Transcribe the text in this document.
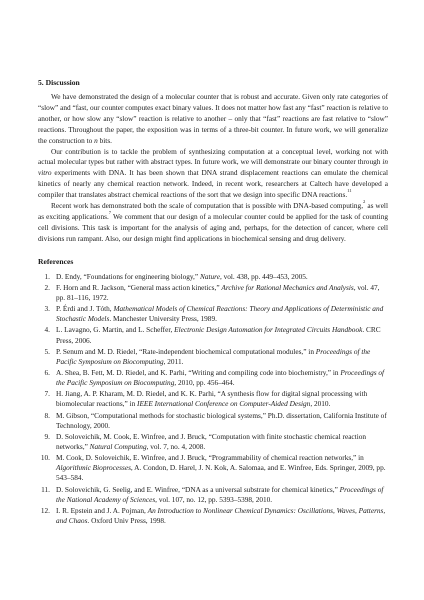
5. Discussion

We have demonstrated the design of a molecular counter that is robust and accurate. Given only rate categories of “slow” and “fast, our counter computes exact binary values. It does not matter how fast any “fast” reaction is relative to another, or how slow any “slow” reaction is relative to another – only that “fast” reactions are fast relative to “slow” reactions. Throughout the paper, the exposition was in terms of a three-bit counter. In future work, we will generalize the construction to n bits.

Our contribution is to tackle the problem of synthesizing computation at a conceptual level, working not with actual molecular types but rather with abstract types. In future work, we will demonstrate our binary counter through in vitro experiments with DNA. It has been shown that DNA strand displacement reactions can emulate the chemical kinetics of nearly any chemical reaction network. Indeed, in recent work, researchers at Caltech have developed a compiler that translates abstract chemical reactions of the sort that we design into specific DNA reactions.$^{11}$

Recent work has demonstrated both the scale of computation that is possible with DNA-based computing,$^2$ as well as exciting applications.$^7$ We comment that our design of a molecular counter could be applied for the task of counting cell divisions. This task is important for the analysis of aging and, perhaps, for the detection of cancer, where cell divisions run rampant. Also, our design might find applications in biochemical sensing and drug delivery.

References
1. D. Endy, “Foundations for engineering biology,” Nature, vol. 438, pp. 449–453, 2005.
2. F. Horn and R. Jackson, “General mass action kinetics,” Archive for Rational Mechanics and Analysis, vol. 47, pp. 81–116, 1972.
3. P. Érdi and J. Tóth, Mathematical Models of Chemical Reactions: Theory and Applications of Deterministic and Stochastic Models. Manchester University Press, 1989.
4. L. Lavagno, G. Martin, and L. Scheffer, Electronic Design Automation for Integrated Circuits Handbook. CRC Press, 2006.
5. P. Senum and M. D. Riedel, “Rate-independent biochemical computational modules,” in Proceedings of the Pacific Symposium on Biocomputing, 2011.
6. A. Shea, B. Fett, M. D. Riedel, and K. Parhi, “Writing and compiling code into biochemistry,” in Proceedings of the Pacific Symposium on Biocomputing, 2010, pp. 456–464.
7. H. Jiang, A. P. Kharam, M. D. Riedel, and K. K. Parhi, “A synthesis flow for digital signal processing with biomolecular reactions,” in IEEE International Conference on Computer-Aided Design, 2010.
8. M. Gibson, “Computational methods for stochastic biological systems,” Ph.D. dissertation, California Institute of Technology, 2000.
9. D. Soloveichik, M. Cook, E. Winfree, and J. Bruck, “Computation with finite stochastic chemical reaction networks,” Natural Computing, vol. 7, no. 4, 2008.
10. M. Cook, D. Soloveichik, E. Winfree, and J. Bruck, “Programmability of chemical reaction networks,” in Algorithmic Bioprocesses, A. Condon, D. Harel, J. N. Kok, A. Salomaa, and E. Winfree, Eds. Springer, 2009, pp. 543–584.
11. D. Soloveichik, G. Seelig, and E. Winfree, “DNA as a universal substrate for chemical kinetics,” Proceedings of the National Academy of Sciences, vol. 107, no. 12, pp. 5393–5398, 2010.
12. I. R. Epstein and J. A. Pojman, An Introduction to Nonlinear Chemical Dynamics: Oscillations, Waves, Patterns, and Chaos. Oxford Univ Press, 1998.
